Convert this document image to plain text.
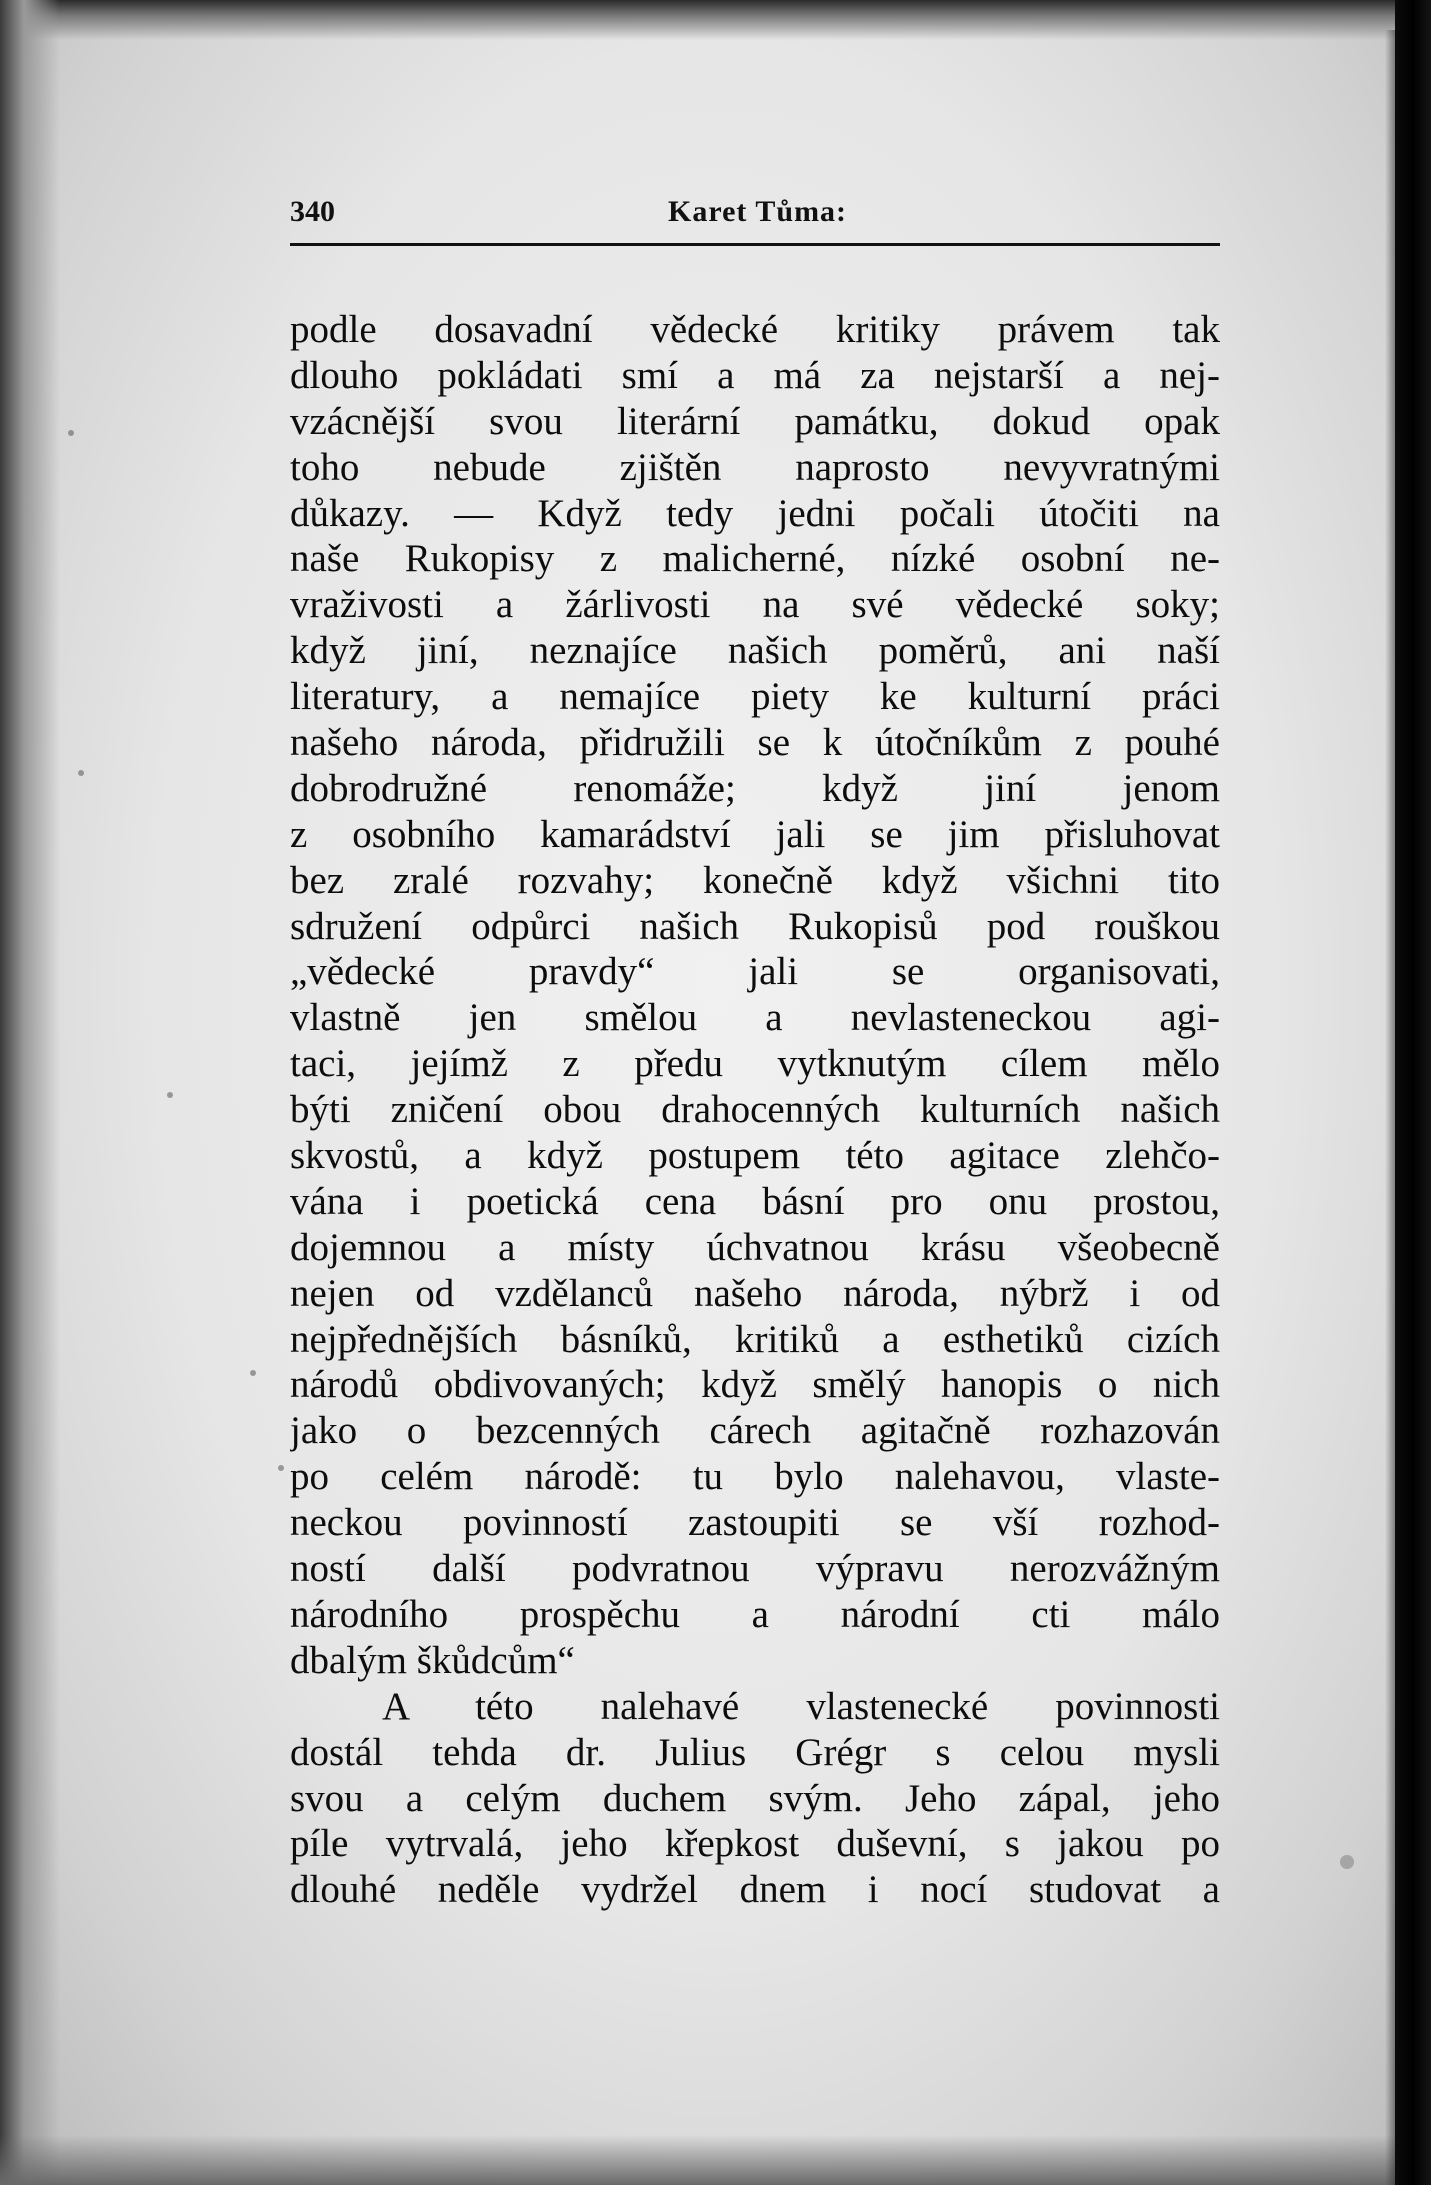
340	Karet Tůma:
podle dosavadní vědecké kritiky právem tak
dlouho pokládati smí a má za nejstarší a nej-
vzácnější svou literární památku, dokud opak
toho nebude zjištěn naprosto nevyvratnými
důkazy. — Když tedy jedni počali útočiti na
naše Rukopisy z malicherné, nízké osobní ne-
vraživosti a žárlivosti na své vědecké soky;
když jiní, neznajíce našich poměrů, ani naší
literatury, a nemajíce piety ke kulturní práci
našeho národa, přidružili se k útočníkům z pouhé
dobrodružné renomáže; když jiní jenom
z osobního kamarádství jali se jim přisluhovat
bez zralé rozvahy; konečně když všichni tito
sdružení odpůrci našich Rukopisů pod rouškou
„vědecké pravdy“ jali se organisovati,
vlastně jen smělou a nevlasteneckou agi-
taci, jejímž z předu vytknutým cílem mělo
býti zničení obou drahocenných kulturních našich
skvostů, a když postupem této agitace zlehčo-
vána i poetická cena básní pro onu prostou,
dojemnou a místy úchvatnou krásu všeobecně
nejen od vzdělanců našeho národa, nýbrž i od
nejpřednějších básníků, kritiků a esthetiků cizích
národů obdivovaných; když smělý hanopis o nich
jako o bezcenných cárech agitačně rozhazován
po celém národě: tu bylo nalehavou, vlaste-
neckou povinností zastoupiti se vší rozhod-
ností další podvratnou výpravu nerozvážným
národního prospěchu a národní cti málo
dbalým škůdcům“
A této nalehavé vlastenecké povinnosti
dostál tehda dr. Julius Grégr s celou mysli
svou a celým duchem svým. Jeho zápal, jeho
píle vytrvalá, jeho křepkost duševní, s jakou po
dlouhé neděle vydržel dnem i nocí studovat a
